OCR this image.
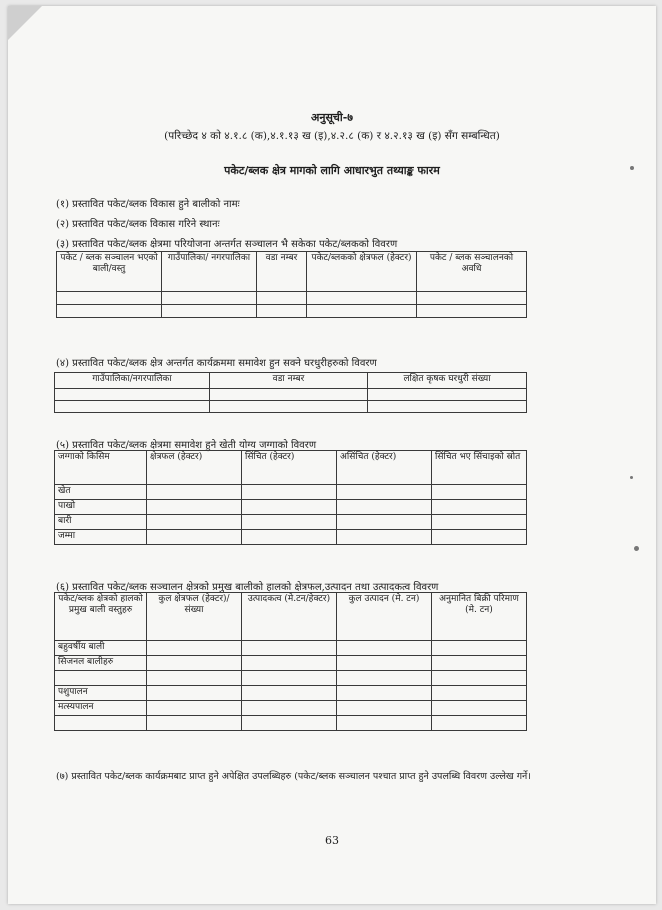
अनुसूची-७
(परिच्छेद ४ को ४.१.८ (क),४.१.१३ ख (इ),४.२.८ (क) र ४.२.१३ ख (इ) सँग सम्बन्धित)
पकेट/ब्लक क्षेत्र मागको लागि आधारभुत तथ्याङ्क फारम
(१) प्रस्तावित पकेट/ब्लक विकास हुने बालीको नामः
(२) प्रस्तावित पकेट/ब्लक विकास गरिने स्थानः
(३) प्रस्तावित पकेट/ब्लक क्षेत्रमा परियोजना अन्तर्गत सञ्चालन भै सकेका पकेट/ब्लकको विवरण
पकेट / ब्लक सञ्चालन भएको बाली/वस्तु	गाउँपालिका/ नगरपालिका	वडा नम्बर	पकेट/ब्लकको क्षेत्रफल (हेक्टर)	पकेट / ब्लक सञ्चालनको अवधि

(४) प्रस्तावित पकेट/ब्लक क्षेत्र अन्तर्गत कार्यक्रममा समावेश हुन सक्ने घरधुरीहरुको विवरण
गाउँपालिका/नगरपालिका	वडा नम्बर	लक्षित कृषक घरधुरी संख्या

(५) प्रस्तावित पकेट/ब्लक क्षेत्रमा समावेश हुने खेती योग्य जग्गाको विवरण
जग्गाको किसिम	क्षेत्रफल (हेक्टर)	सिंचित (हेक्टर)	असिंचित (हेक्टर)	सिंचित भए सिंचाइको स्रोत
खेत				
पाखो				
बारी				
जम्मा				
(६) प्रस्तावित पकेट/ब्लक सञ्चालन क्षेत्रको प्रमुख बालीको हालको क्षेत्रफल,उत्पादन तथा उत्पादकत्व विवरण
पकेट/ब्लक क्षेत्रको हालको प्रमुख बाली वस्तुहरु	कुल क्षेत्रफल (हेक्टर)/संख्या	उत्पादकत्व (मे.टन/हेक्टर)	कुल उत्पादन (मे. टन)	अनुमानित बिक्री परिमाण (मे. टन)
बहुवर्षीय बाली				
सिजनल बालीहरु				

पशुपालन				
मत्स्यपालन				

(७) प्रस्तावित पकेट/ब्लक कार्यक्रमबाट प्राप्त हुने अपेक्षित उपलब्धिहरु (पकेट/ब्लक सञ्चालन पश्चात प्राप्त हुने उपलब्धि विवरण उल्लेख गर्ने।
63
